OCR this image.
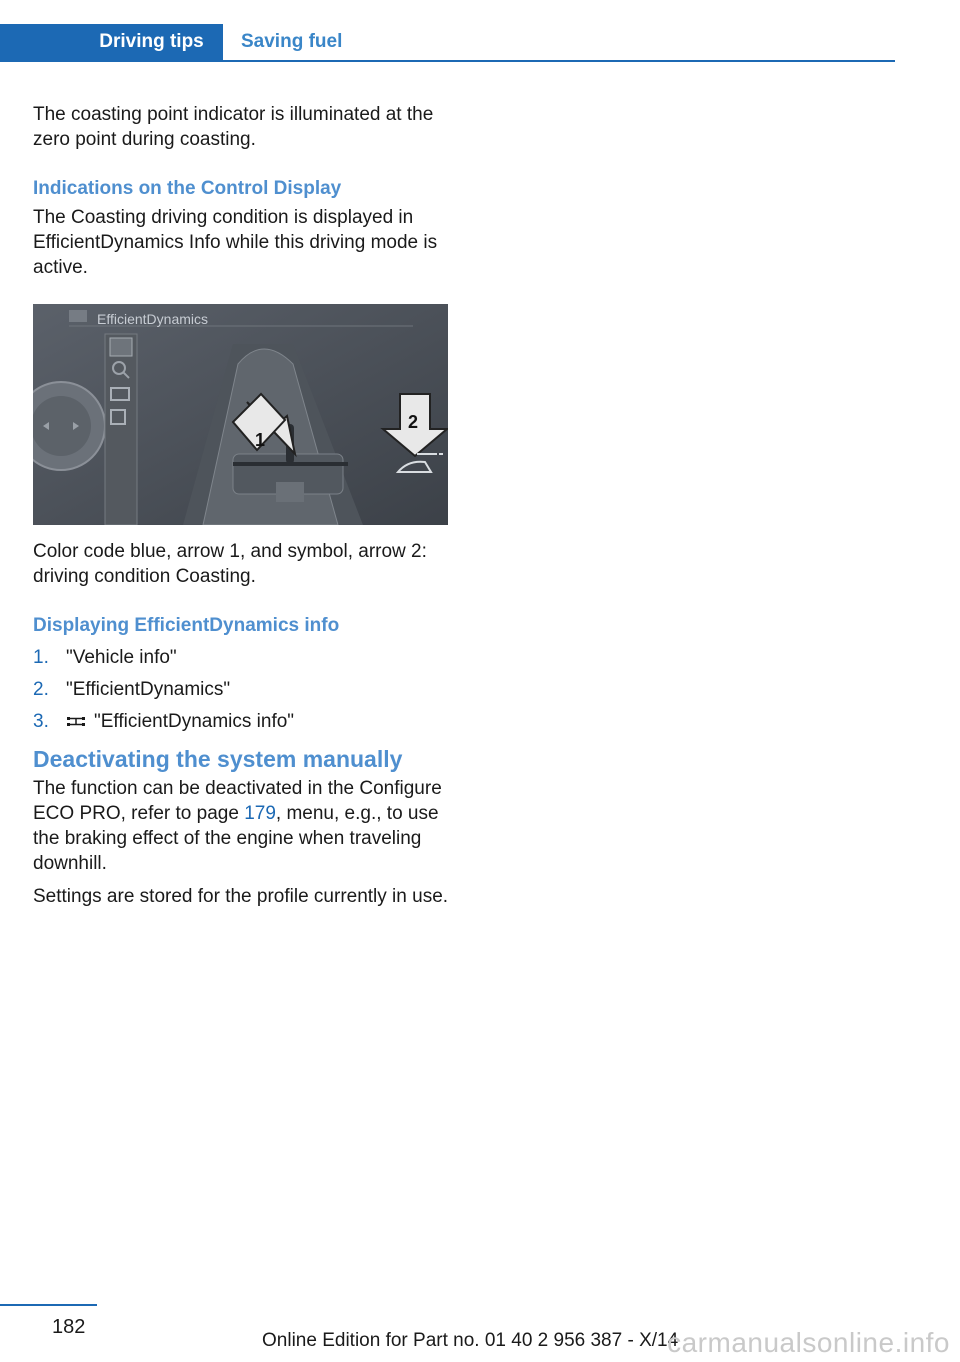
Driving tips	Saving fuel

The coasting point indicator is illuminated at the zero point during coasting.

Indications on the Control Display

The Coasting driving condition is displayed in EfficientDynamics Info while this driving mode is active.

1
2
EfficientDynamics

Color code blue, arrow 1, and symbol, arrow 2: driving condition Coasting.

Displaying EfficientDynamics info

1. "Vehicle info"
2. "EfficientDynamics"
3. "EfficientDynamics info"

Deactivating the system manually

The function can be deactivated in the Configure ECO PRO, refer to page 179, menu, e.g., to use the braking effect of the engine when traveling downhill.

Settings are stored for the profile currently in use.

182
Online Edition for Part no. 01 40 2 956 387 - X/14
carmanualsonline.info
